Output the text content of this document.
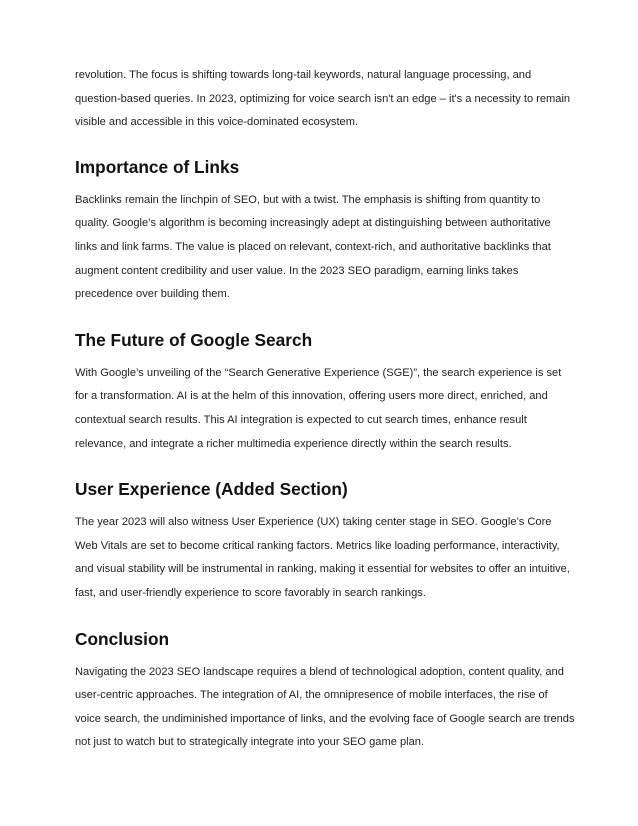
revolution. The focus is shifting towards long-tail keywords, natural language processing, and question-based queries. In 2023, optimizing for voice search isn't an edge – it's a necessity to remain visible and accessible in this voice-dominated ecosystem.

Importance of Links

Backlinks remain the linchpin of SEO, but with a twist. The emphasis is shifting from quantity to quality. Google’s algorithm is becoming increasingly adept at distinguishing between authoritative links and link farms. The value is placed on relevant, context-rich, and authoritative backlinks that augment content credibility and user value. In the 2023 SEO paradigm, earning links takes precedence over building them.

The Future of Google Search

With Google’s unveiling of the “Search Generative Experience (SGE)”, the search experience is set for a transformation. AI is at the helm of this innovation, offering users more direct, enriched, and contextual search results. This AI integration is expected to cut search times, enhance result relevance, and integrate a richer multimedia experience directly within the search results.

User Experience (Added Section)

The year 2023 will also witness User Experience (UX) taking center stage in SEO. Google’s Core Web Vitals are set to become critical ranking factors. Metrics like loading performance, interactivity, and visual stability will be instrumental in ranking, making it essential for websites to offer an intuitive, fast, and user-friendly experience to score favorably in search rankings.

Conclusion

Navigating the 2023 SEO landscape requires a blend of technological adoption, content quality, and user-centric approaches. The integration of AI, the omnipresence of mobile interfaces, the rise of voice search, the undiminished importance of links, and the evolving face of Google search are trends not just to watch but to strategically integrate into your SEO game plan.
